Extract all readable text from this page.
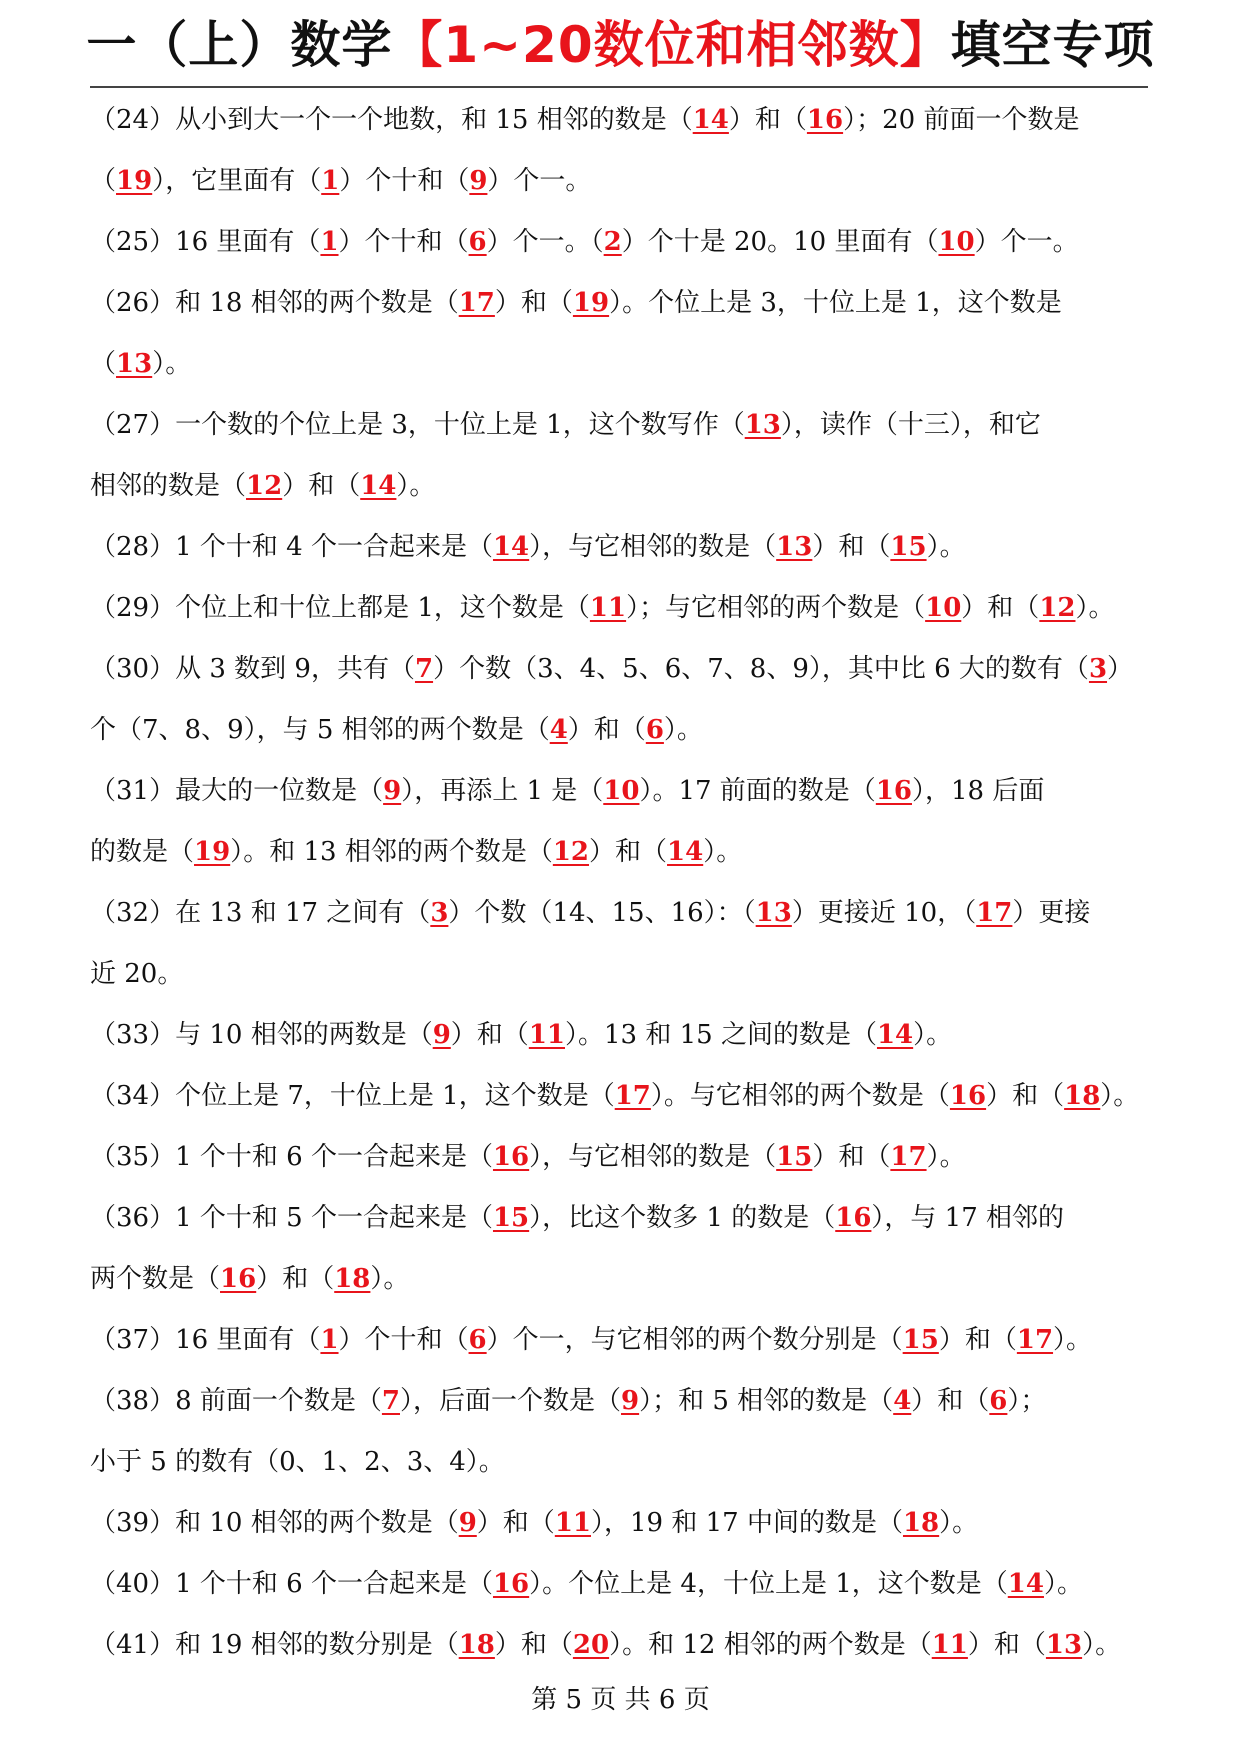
一（上）数学【1~20数位和相邻数】填空专项
（24）从小到大一个一个地数，和 15 相邻的数是（14）和（16）；20 前面一个数是
（19），它里面有（1）个十和（9）个一。
（25）16 里面有（1）个十和（6）个一。（2）个十是 20。10 里面有（10）个一。
（26）和 18 相邻的两个数是（17）和（19）。个位上是 3，十位上是 1，这个数是
（13）。
（27）一个数的个位上是 3，十位上是 1，这个数写作（13），读作（十三），和它
相邻的数是（12）和（14）。
（28）1 个十和 4 个一合起来是（14），与它相邻的数是（13）和（15）。
（29）个位上和十位上都是 1，这个数是（11）；与它相邻的两个数是（10）和（12）。
（30）从 3 数到 9，共有（7）个数（3、4、5、6、7、8、9），其中比 6 大的数有（3）
个（7、8、9），与 5 相邻的两个数是（4）和（6）。
（31）最大的一位数是（9），再添上 1 是（10）。17 前面的数是（16），18 后面
的数是（19）。和 13 相邻的两个数是（12）和（14）。
（32）在 13 和 17 之间有（3）个数（14、15、16）：（13）更接近 10，（17）更接
近 20。
（33）与 10 相邻的两数是（9）和（11）。13 和 15 之间的数是（14）。
（34）个位上是 7，十位上是 1，这个数是（17）。与它相邻的两个数是（16）和（18）。
（35）1 个十和 6 个一合起来是（16），与它相邻的数是（15）和（17）。
（36）1 个十和 5 个一合起来是（15），比这个数多 1 的数是（16），与 17 相邻的
两个数是（16）和（18）。
（37）16 里面有（1）个十和（6）个一，与它相邻的两个数分别是（15）和（17）。
（38）8 前面一个数是（7），后面一个数是（9）；和 5 相邻的数是（4）和（6）；
小于 5 的数有（0、1、2、3、4）。
（39）和 10 相邻的两个数是（9）和（11），19 和 17 中间的数是（18）。
（40）1 个十和 6 个一合起来是（16）。个位上是 4，十位上是 1，这个数是（14）。
（41）和 19 相邻的数分别是（18）和（20）。和 12 相邻的两个数是（11）和（13）。
第 5 页 共 6 页
